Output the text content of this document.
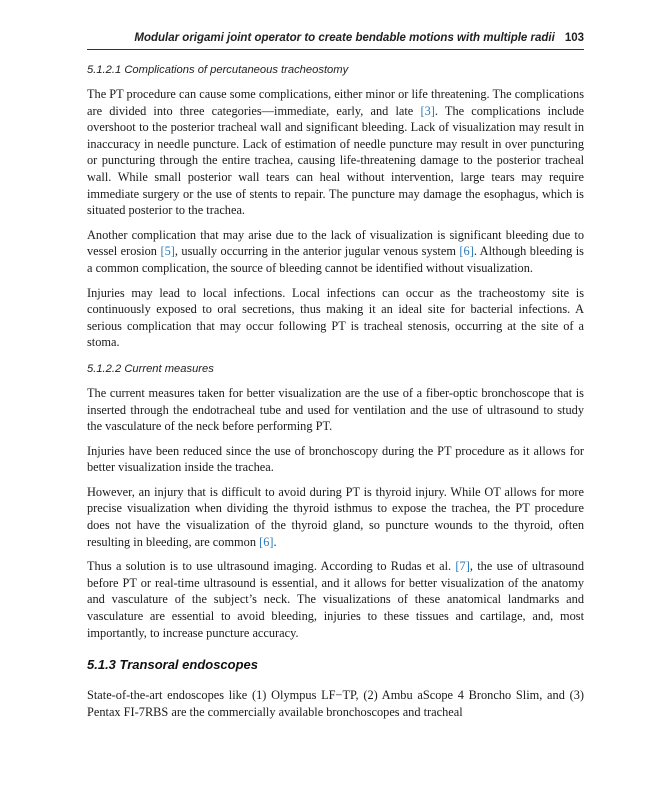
Modular origami joint operator to create bendable motions with multiple radii 103
5.1.2.1 Complications of percutaneous tracheostomy

The PT procedure can cause some complications, either minor or life threatening. The complications are divided into three categories—immediate, early, and late [3]. The complications include overshoot to the posterior tracheal wall and significant bleeding. Lack of visualization may result in inaccuracy in needle puncture. Lack of estimation of needle puncture may result in over puncturing or puncturing through the entire trachea, causing life-threatening damage to the posterior tracheal wall. While small posterior wall tears can heal without intervention, large tears may require immediate surgery or the use of stents to repair. The puncture may damage the esophagus, which is situated posterior to the trachea.

Another complication that may arise due to the lack of visualization is significant bleeding due to vessel erosion [5], usually occurring in the anterior jugular venous system [6]. Although bleeding is a common complication, the source of bleeding cannot be identified without visualization.

Injuries may lead to local infections. Local infections can occur as the tracheostomy site is continuously exposed to oral secretions, thus making it an ideal site for bacterial infections. A serious complication that may occur following PT is tracheal stenosis, occurring at the site of a stoma.

5.1.2.2 Current measures

The current measures taken for better visualization are the use of a fiber-optic bronchoscope that is inserted through the endotracheal tube and used for ventilation and the use of ultrasound to study the vasculature of the neck before performing PT.

Injuries have been reduced since the use of bronchoscopy during the PT procedure as it allows for better visualization inside the trachea.

However, an injury that is difficult to avoid during PT is thyroid injury. While OT allows for more precise visualization when dividing the thyroid isthmus to expose the trachea, the PT procedure does not have the visualization of the thyroid gland, so puncture wounds to the thyroid, often resulting in bleeding, are common [6].

Thus a solution is to use ultrasound imaging. According to Rudas et al. [7], the use of ultrasound before PT or real-time ultrasound is essential, and it allows for better visualization of the anatomy and vasculature of the subject’s neck. The visualizations of these anatomical landmarks and vasculature are essential to avoid bleeding, injuries to these tissues and cartilage, and, most importantly, to increase puncture accuracy.

5.1.3 Transoral endoscopes

State-of-the-art endoscopes like (1) Olympus LF−TP, (2) Ambu aScope 4 Broncho Slim, and (3) Pentax FI-7RBS are the commercially available bronchoscopes and tracheal
